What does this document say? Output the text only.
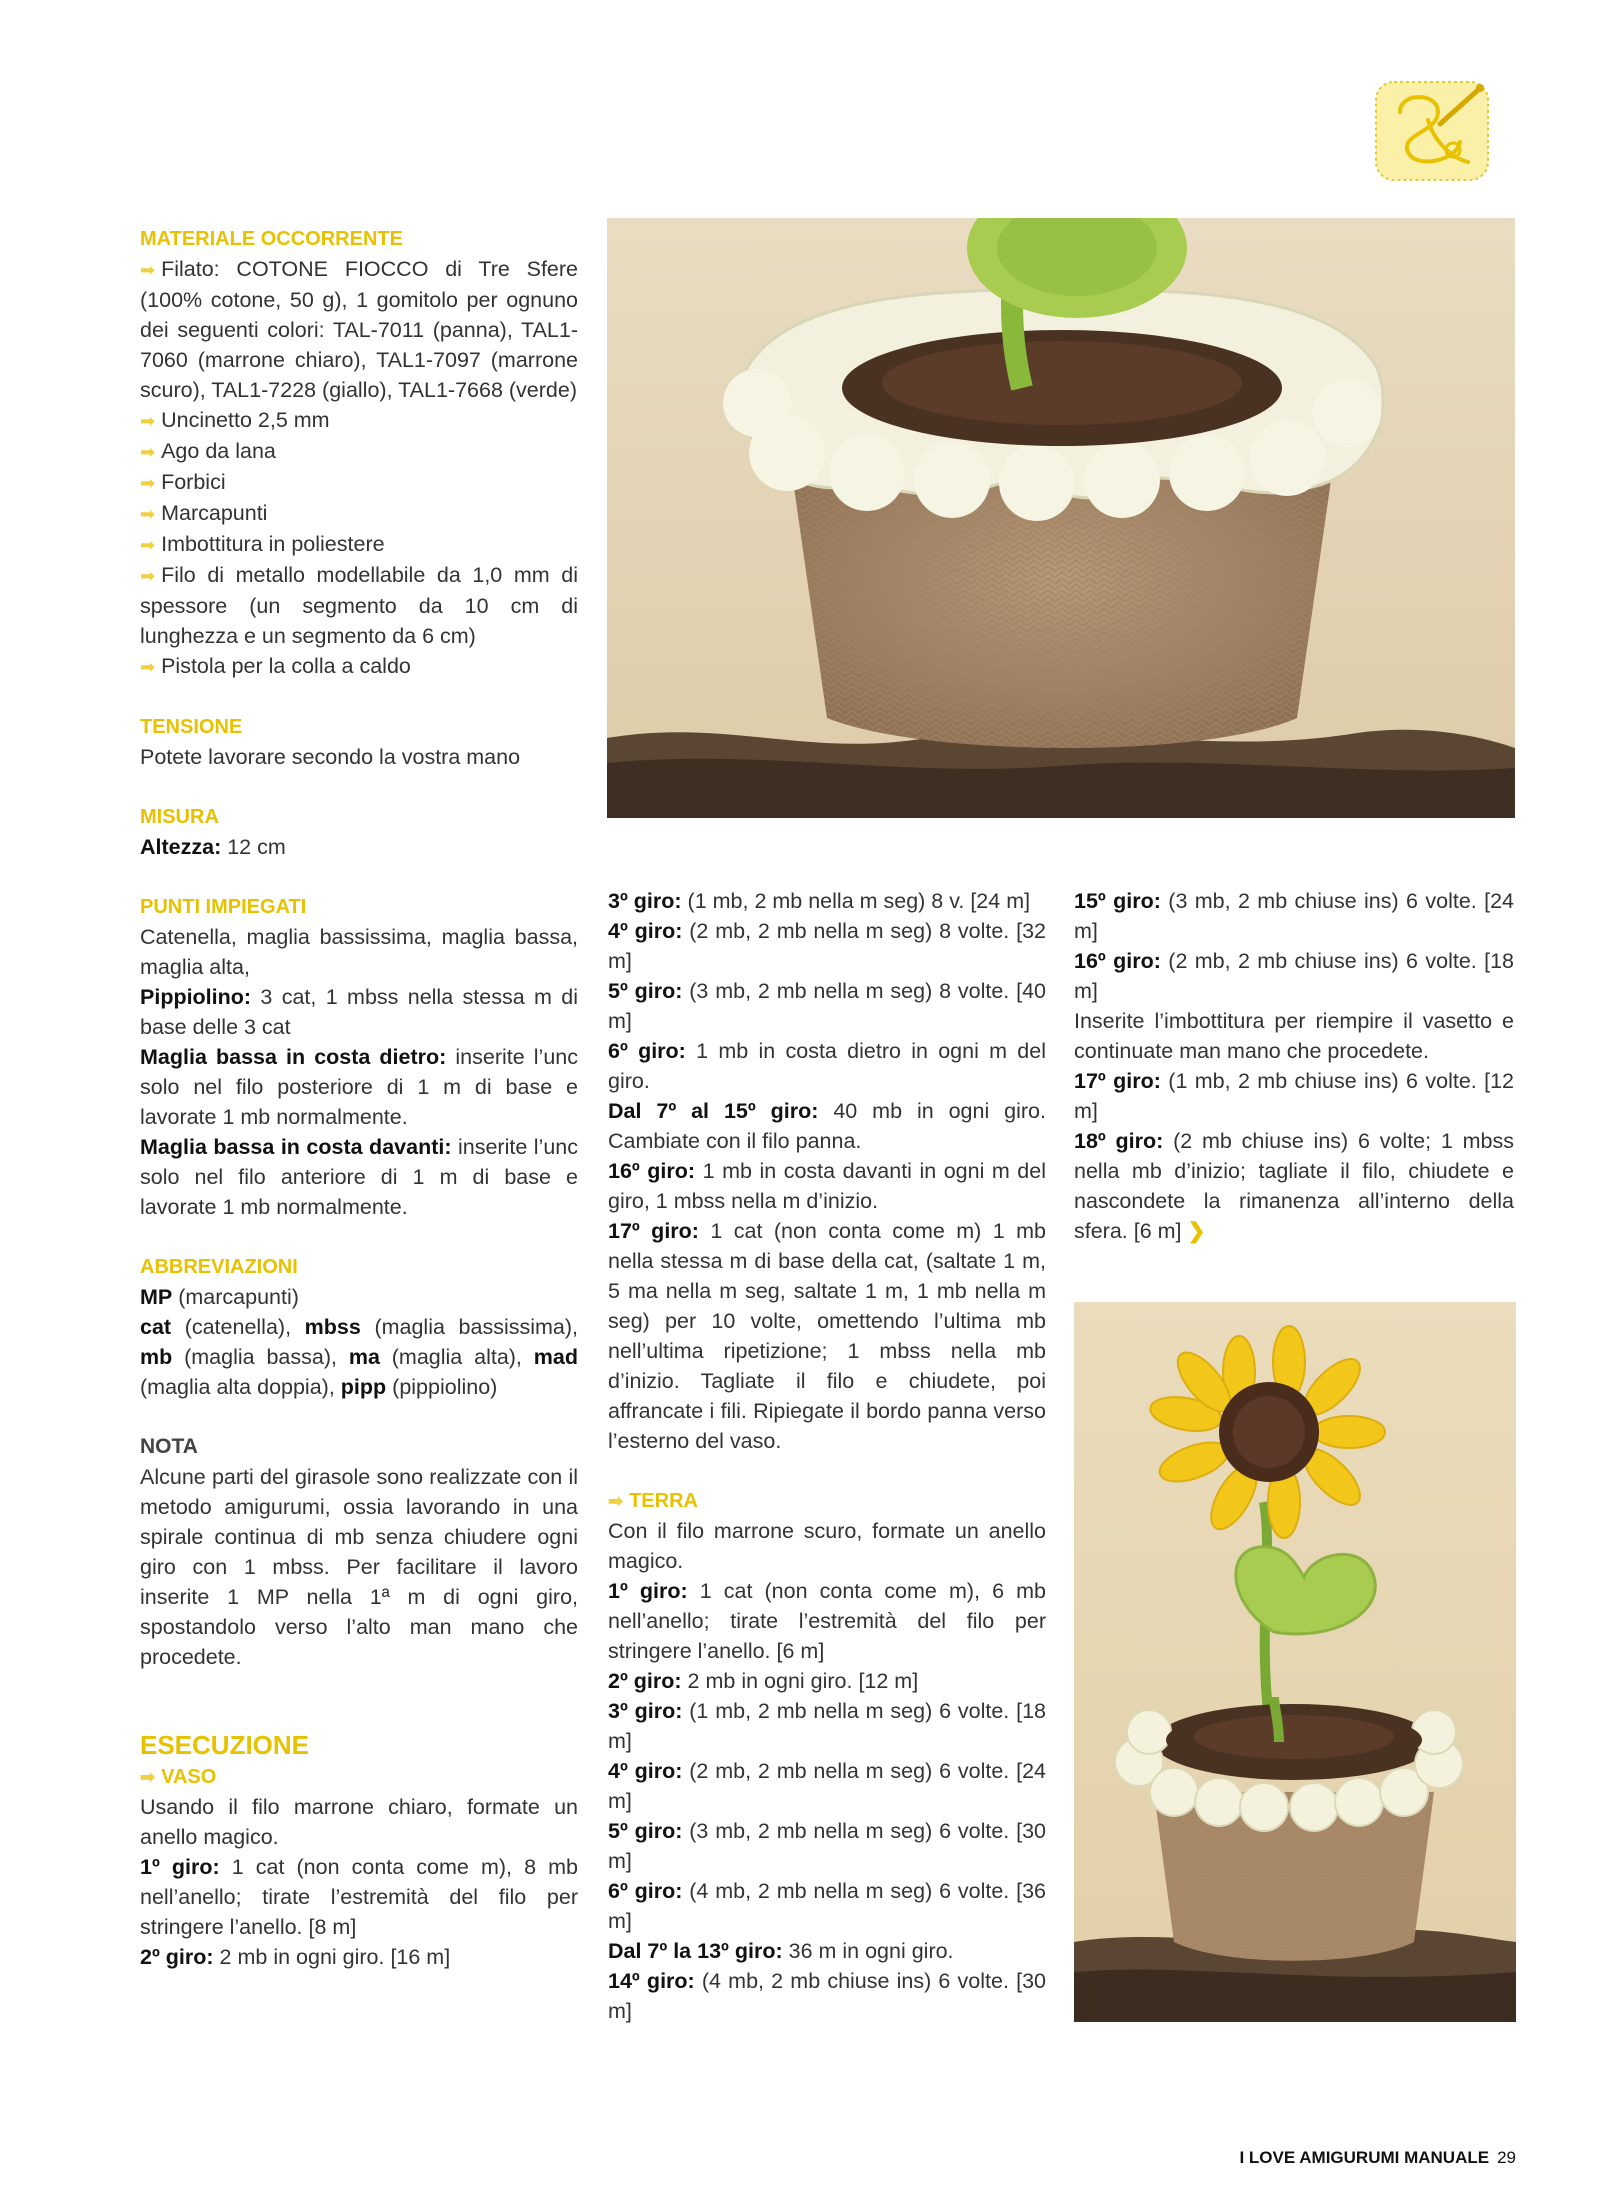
MATERIALE OCCORRENTE

➡ Filato: COTONE FIOCCO di Tre Sfere (100% cotone, 50 g), 1 gomitolo per ognuno dei seguenti colori: TAL-7011 (panna), TAL1-7060 (marrone chiaro), TAL1-7097 (marrone scuro), TAL1-7228 (giallo), TAL1-7668 (verde)

➡ Uncinetto 2,5 mm

➡ Ago da lana

➡ Forbici

➡ Marcapunti

➡ Imbottitura in poliestere

➡ Filo di metallo modellabile da 1,0 mm di spessore (un segmento da 10 cm di lunghezza e un segmento da 6 cm)

➡ Pistola per la colla a caldo

TENSIONE

Potete lavorare secondo la vostra mano

MISURA

Altezza: 12 cm

PUNTI IMPIEGATI

Catenella, maglia bassissima, maglia bassa, maglia alta,

Pippiolino: 3 cat, 1 mbss nella stessa m di base delle 3 cat

Maglia bassa in costa dietro: inserite l’unc solo nel filo posteriore di 1 m di base e lavorate 1 mb normalmente.

Maglia bassa in costa davanti: inserite l’unc solo nel filo anteriore di 1 m di base e lavorate 1 mb normalmente.

ABBREVIAZIONI

MP (marcapunti)

cat (catenella), mbss (maglia bassissima), mb (maglia bassa), ma (maglia alta), mad (maglia alta doppia), pipp (pippiolino)

NOTA

Alcune parti del girasole sono realizzate con il metodo amigurumi, ossia lavorando in una spirale continua di mb senza chiudere ogni giro con 1 mbss. Per facilitare il lavoro inserite 1 MP nella 1ª m di ogni giro, spostandolo verso l’alto man mano che procedete.

ESECUZIONE
➡ VASO

Usando il filo marrone chiaro, formate un anello magico.

1º giro: 1 cat (non conta come m), 8 mb nell’anello; tirate l’estremità del filo per stringere l’anello. [8 m]

2º giro: 2 mb in ogni giro. [16 m]

3º giro: (1 mb, 2 mb nella m seg) 8 v. [24 m]

4º giro: (2 mb, 2 mb nella m seg) 8 volte. [32 m]

5º giro: (3 mb, 2 mb nella m seg) 8 volte. [40 m]

6º giro: 1 mb in costa dietro in ogni m del giro.

Dal 7º al 15º giro: 40 mb in ogni giro. Cambiate con il filo panna.

16º giro: 1 mb in costa davanti in ogni m del giro, 1 mbss nella m d’inizio.

17º giro: 1 cat (non conta come m) 1 mb nella stessa m di base della cat, (saltate 1 m, 5 ma nella m seg, saltate 1 m, 1 mb nella m seg) per 10 volte, omettendo l’ultima mb nell’ultima ripetizione; 1 mbss nella mb d’inizio. Tagliate il filo e chiudete, poi affrancate i fili. Ripiegate il bordo panna verso l’esterno del vaso.

➡ TERRA

Con il filo marrone scuro, formate un anello magico.

1º giro: 1 cat (non conta come m), 6 mb nell’anello; tirate l’estremità del filo per stringere l’anello. [6 m]

2º giro: 2 mb in ogni giro. [12 m]

3º giro: (1 mb, 2 mb nella m seg) 6 volte. [18 m]

4º giro: (2 mb, 2 mb nella m seg) 6 volte. [24 m]

5º giro: (3 mb, 2 mb nella m seg) 6 volte. [30 m]

6º giro: (4 mb, 2 mb nella m seg) 6 volte. [36 m]

Dal 7º la 13º giro: 36 m in ogni giro.

14º giro: (4 mb, 2 mb chiuse ins) 6 volte. [30 m]

15º giro: (3 mb, 2 mb chiuse ins) 6 volte. [24 m]

16º giro: (2 mb, 2 mb chiuse ins) 6 volte. [18 m]

Inserite l’imbottitura per riempire il vasetto e continuate man mano che procedete.

17º giro: (1 mb, 2 mb chiuse ins) 6 volte. [12 m]

18º giro: (2 mb chiuse ins) 6 volte; 1 mbss nella mb d’inizio; tagliate il filo, chiudete e nascondete la rimanenza all’interno della sfera. [6 m] ❯

I LOVE AMIGURUMI MANUALE 29
